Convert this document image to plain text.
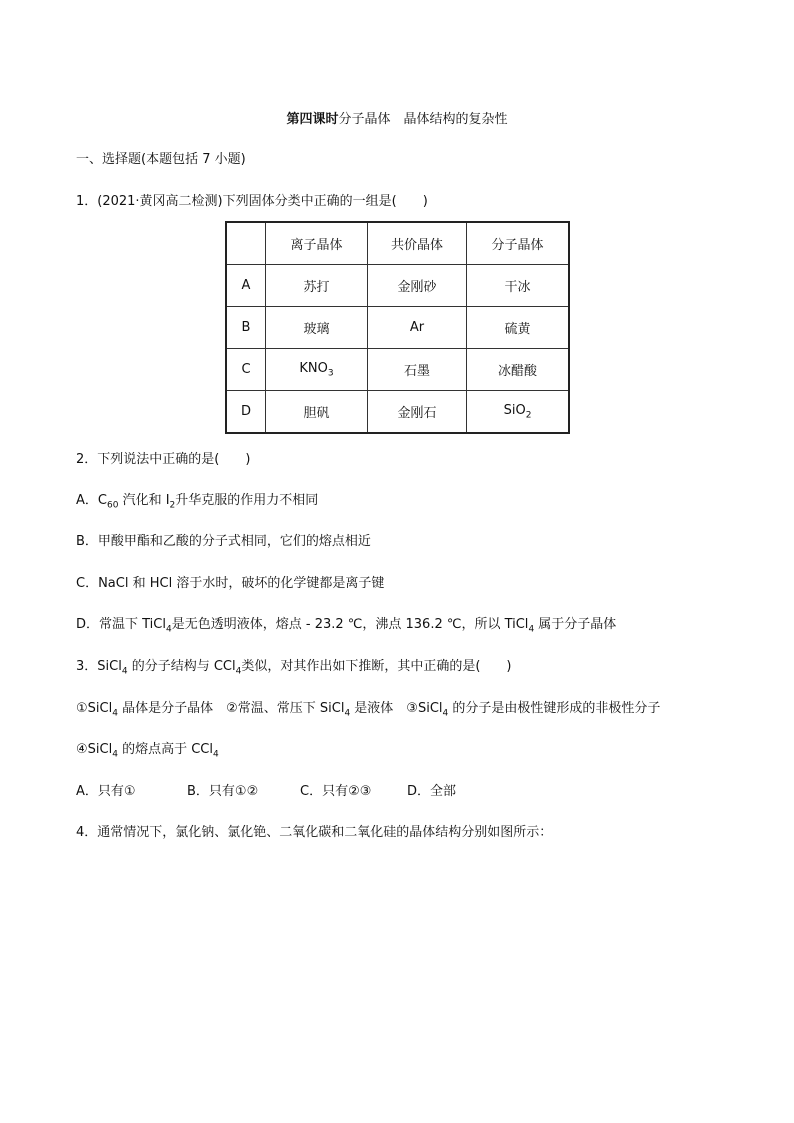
第四课时分子晶体　晶体结构的复杂性
一、选择题(本题包括 7 小题)
1．(2021·黄冈高二检测)下列固体分类中正确的一组是(　　)
	离子晶体	共价晶体	分子晶体
A	苏打	金刚砂	干冰
B	玻璃	Ar	硫黄
C	$KNO_3$	石墨	冰醋酸
D	胆矾	金刚石	SiO$_2$
2．下列说法中正确的是(　　)
A．$C_{60}$ 汽化和 $I_2$升华克服的作用力不相同
B．甲酸甲酯和乙酸的分子式相同，它们的熔点相近
C．NaCl 和 HCl 溶于水时，破坏的化学键都是离子键
D．常温下 TiCl$_4$是无色透明液体，熔点 - 23.2 ℃，沸点 136.2 ℃，所以 TiCl$_4$ 属于分子晶体
3．SiCl$_4$ 的分子结构与 CCl$_4$类似，对其作出如下推断，其中正确的是(　　)
①SiCl$_4$ 晶体是分子晶体　②常温、常压下 SiCl$_4$ 是液体　③SiCl$_4$ 的分子是由极性键形成的非极性分子
④SiCl$_4$ 的熔点高于 CCl$_4$
A．只有①	B．只有①②	C．只有②③	D．全部
4．通常情况下，氯化钠、氯化铯、二氧化碳和二氧化硅的晶体结构分别如图所示：
